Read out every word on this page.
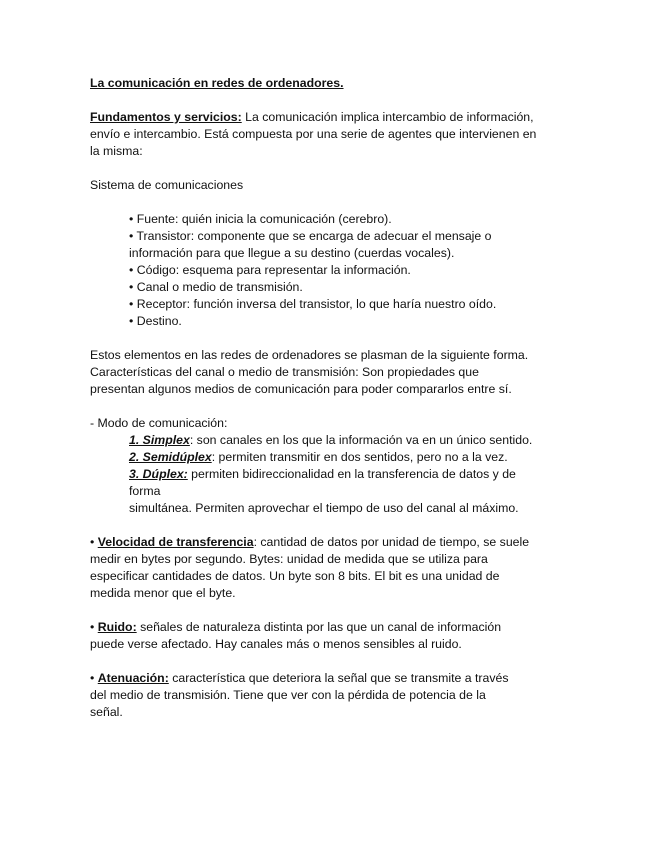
La comunicación en redes de ordenadores.

Fundamentos y servicios: La comunicación implica intercambio de información,

envío e intercambio. Está compuesta por una serie de agentes que intervienen en

la misma:

Sistema de comunicaciones

• Fuente: quién inicia la comunicación (cerebro).

• Transistor: componente que se encarga de adecuar el mensaje o

información para que llegue a su destino (cuerdas vocales).

• Código: esquema para representar la información.

• Canal o medio de transmisión.

• Receptor: función inversa del transistor, lo que haría nuestro oído.

• Destino.

Estos elementos en las redes de ordenadores se plasman de la siguiente forma.

Características del canal o medio de transmisión: Son propiedades que

presentan algunos medios de comunicación para poder compararlos entre sí.

- Modo de comunicación:

1. Simplex: son canales en los que la información va en un único sentido.

2. Semidúplex: permiten transmitir en dos sentidos, pero no a la vez.

3. Dúplex: permiten bidireccionalidad en la transferencia de datos y de

forma

simultánea. Permiten aprovechar el tiempo de uso del canal al máximo.

• Velocidad de transferencia: cantidad de datos por unidad de tiempo, se suele

medir en bytes por segundo. Bytes: unidad de medida que se utiliza para

especificar cantidades de datos. Un byte son 8 bits. El bit es una unidad de

medida menor que el byte.

• Ruido: señales de naturaleza distinta por las que un canal de información

puede verse afectado. Hay canales más o menos sensibles al ruido.

• Atenuación: característica que deteriora la señal que se transmite a través

del medio de transmisión. Tiene que ver con la pérdida de potencia de la

señal.
